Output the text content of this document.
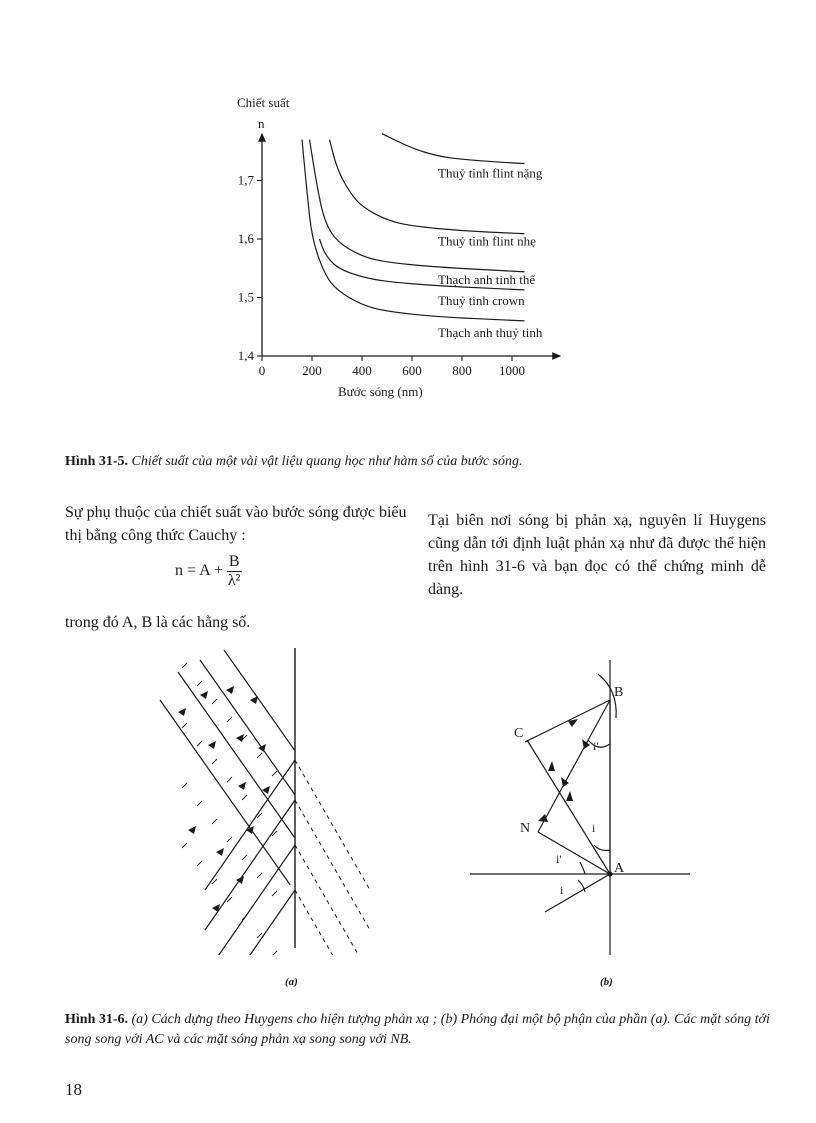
Chiết suất
n
Bước sóng (nm)
0	200 400 600 800 1000
1,4
1,5
1,6
1,7	Thuỷ tinh flint nặng
Thuỷ tinh flint nhẹ
Thạch anh tinh thể
Thuỷ tinh crown
Thạch anh thuỷ tinh
Hình 31-5. Chiết suất của một vài vật liệu quang học như hàm số của bước sóng.
Sự phụ thuộc của chiết suất vào bước sóng được biểu thị bằng công thức Cauchy :
$n = A + \frac{B}{\text{λ²}}$
trong đó A, B là các hằng số.
Tại biên nơi sóng bị phản xạ, nguyên lí Huygens cũng dẫn tới định luật phản xạ như đã được thể hiện trên hình 31-6 và bạn đọc có thể chứng minh dễ dàng.
(a)
B
C
N
A
i'
i
i'
i
(b)
Hình 31-6. (a) Cách dựng theo Huygens cho hiện tượng phản xạ ; (b) Phóng đại một bộ phận của phần (a). Các mặt sóng tới song song với AC và các mặt sóng phản xạ song song với NB.
18
